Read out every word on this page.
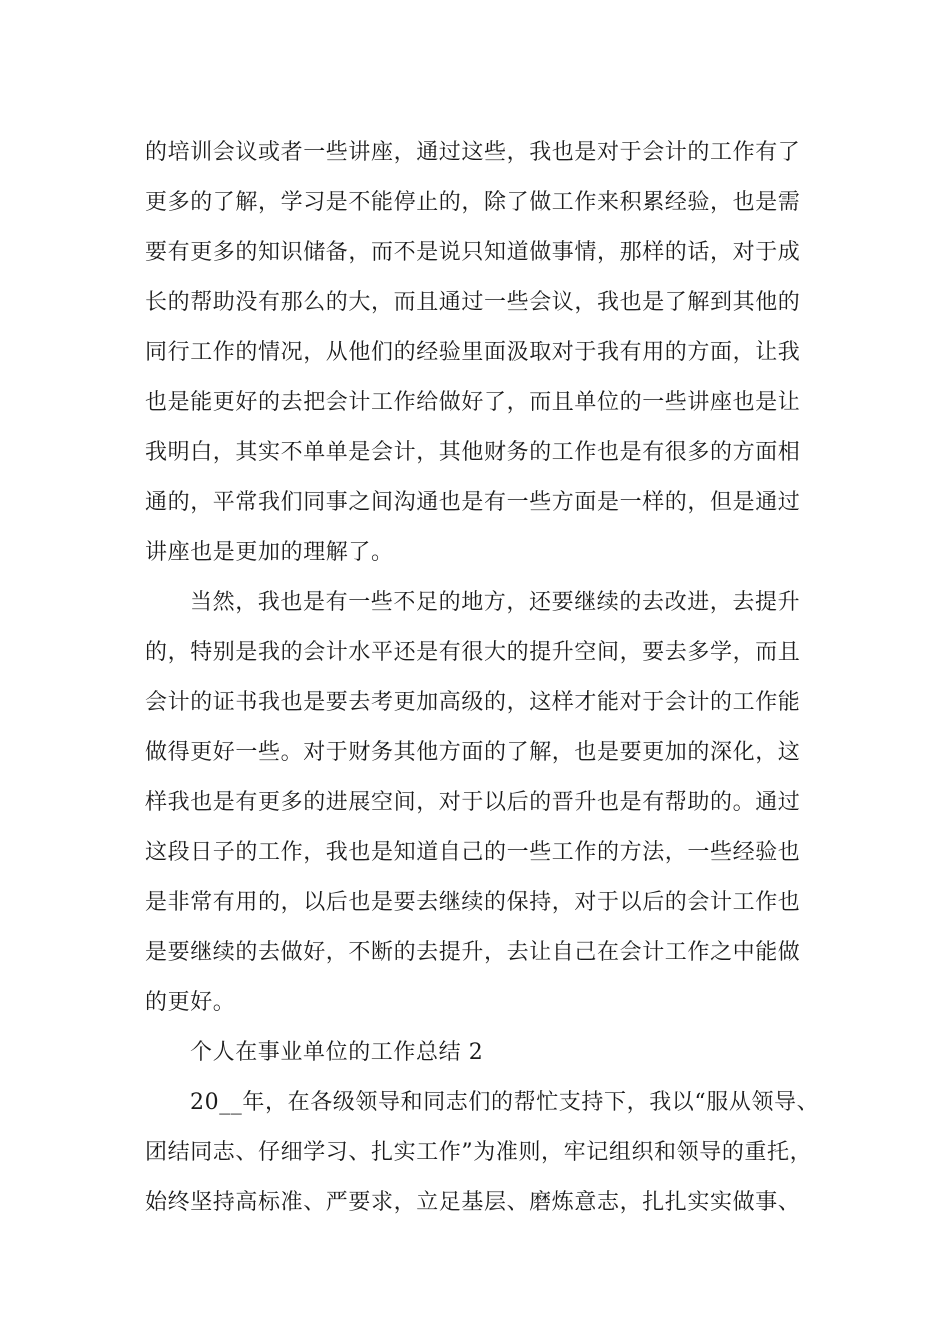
的培训会议或者一些讲座，通过这些，我也是对于会计的工作有了
更多的了解，学习是不能停止的，除了做工作来积累经验，也是需
要有更多的知识储备，而不是说只知道做事情，那样的话，对于成
长的帮助没有那么的大，而且通过一些会议，我也是了解到其他的
同行工作的情况，从他们的经验里面汲取对于我有用的方面，让我
也是能更好的去把会计工作给做好了，而且单位的一些讲座也是让
我明白，其实不单单是会计，其他财务的工作也是有很多的方面相
通的，平常我们同事之间沟通也是有一些方面是一样的，但是通过
讲座也是更加的理解了。
当然，我也是有一些不足的地方，还要继续的去改进，去提升
的，特别是我的会计水平还是有很大的提升空间，要去多学，而且
会计的证书我也是要去考更加高级的，这样才能对于会计的工作能
做得更好一些。对于财务其他方面的了解，也是要更加的深化，这
样我也是有更多的进展空间，对于以后的晋升也是有帮助的。通过
这段日子的工作，我也是知道自己的一些工作的方法，一些经验也
是非常有用的，以后也是要去继续的保持，对于以后的会计工作也
是要继续的去做好，不断的去提升，去让自己在会计工作之中能做
的更好。
个人在事业单位的工作总结 2
20__年，在各级领导和同志们的帮忙支持下，我以“服从领导、
团结同志、仔细学习、扎实工作”为准则，牢记组织和领导的重托，
始终坚持高标准、严要求，立足基层、磨炼意志，扎扎实实做事、
